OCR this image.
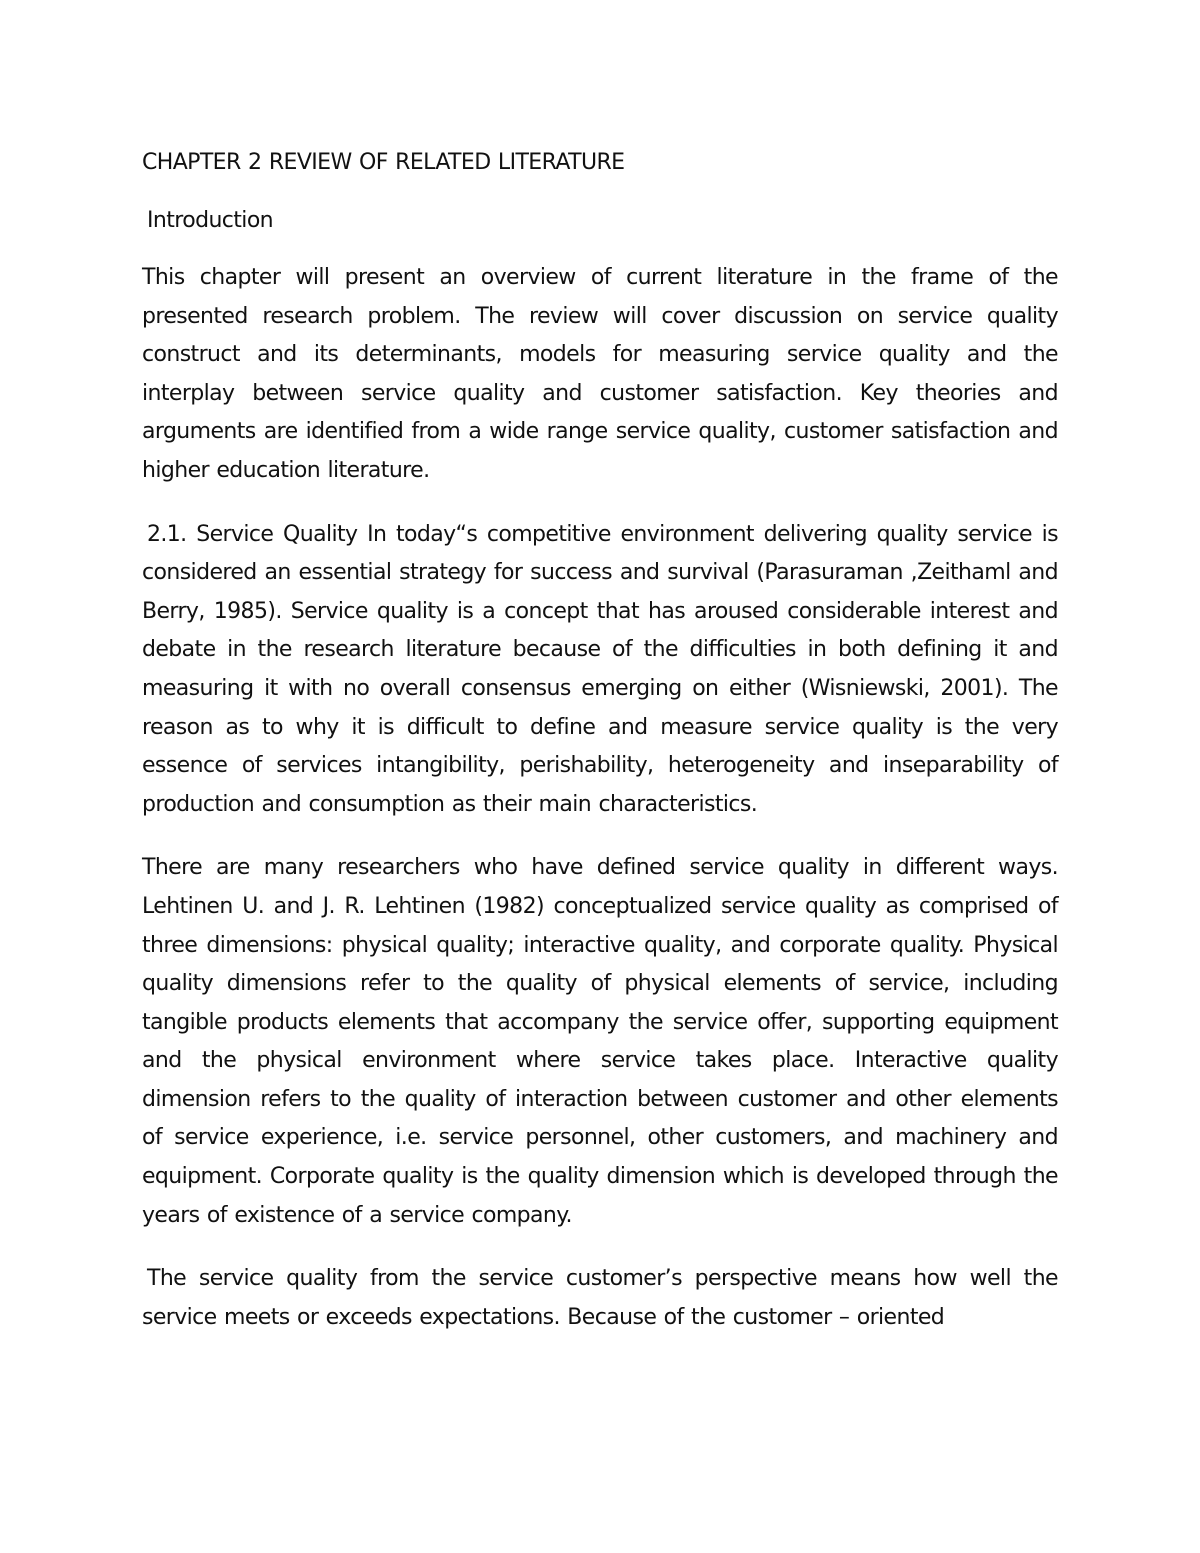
CHAPTER 2 REVIEW OF RELATED LITERATURE

Introduction

This chapter will present an overview of current literature in the frame of the presented research problem. The review will cover discussion on service quality construct and its determinants, models for measuring service quality and the interplay between service quality and customer satisfaction. Key theories and arguments are identified from a wide range service quality, customer satisfaction and higher education literature.

2.1. Service Quality In today“s competitive environment delivering quality service is considered an essential strategy for success and survival (Parasuraman ,Zeithaml and Berry, 1985). Service quality is a concept that has aroused considerable interest and debate in the research literature because of the difficulties in both defining it and measuring it with no overall consensus emerging on either (Wisniewski, 2001). The reason as to why it is difficult to define and measure service quality is the very essence of services intangibility, perishability, heterogeneity and inseparability of production and consumption as their main characteristics.

There are many researchers who have defined service quality in different ways. Lehtinen U. and J. R. Lehtinen (1982) conceptualized service quality as comprised of three dimensions: physical quality; interactive quality, and corporate quality. Physical quality dimensions refer to the quality of physical elements of service, including tangible products elements that accompany the service offer, supporting equipment and the physical environment where service takes place. Interactive quality dimension refers to the quality of interaction between customer and other elements of service experience, i.e. service personnel, other customers, and machinery and equipment. Corporate quality is the quality dimension which is developed through the years of existence of a service company.

The service quality from the service customer’s perspective means how well the service meets or exceeds expectations. Because of the customer – oriented
